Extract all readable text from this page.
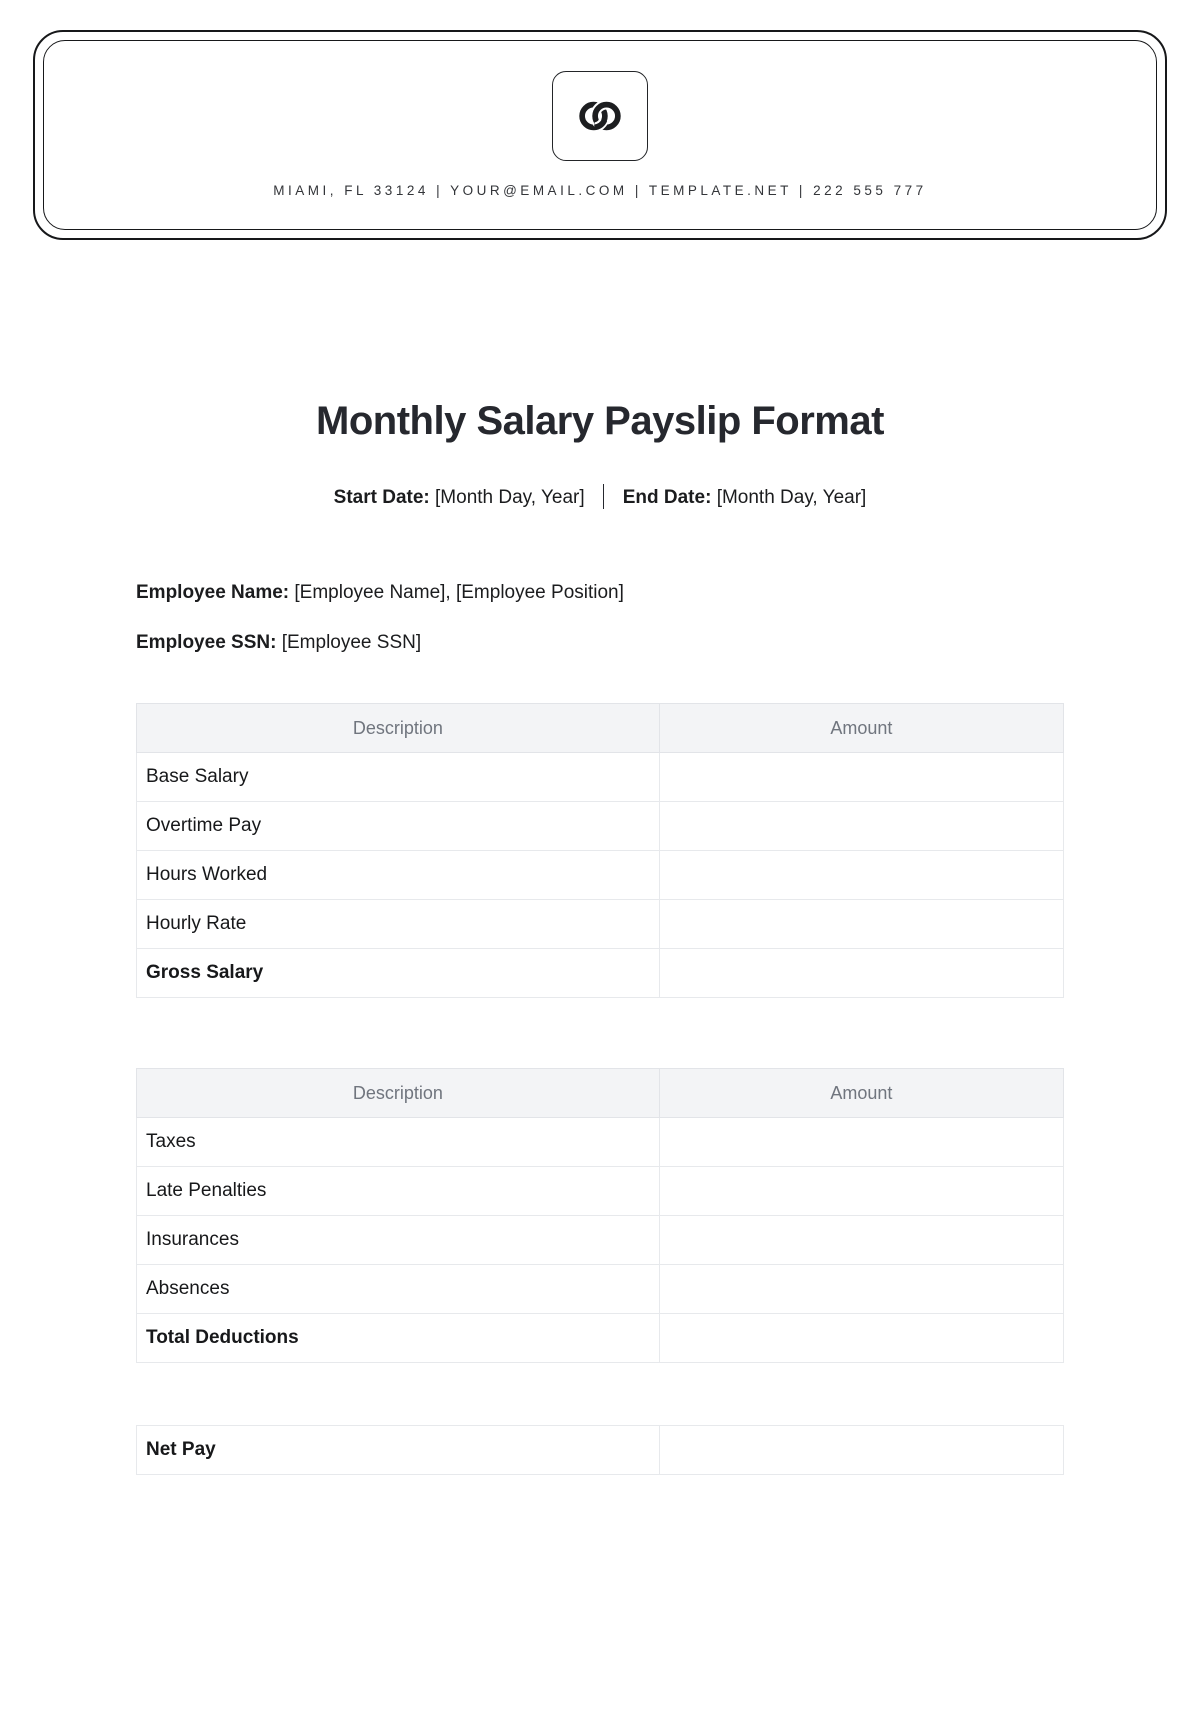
MIAMI, FL 33124 | YOUR@EMAIL.COM | TEMPLATE.NET | 222 555 777
Monthly Salary Payslip Format
Start Date: [Month Day, Year] End Date: [Month Day, Year]
Employee Name: [Employee Name], [Employee Position]
Employee SSN: [Employee SSN]
Description	Amount
Base Salary	
Overtime Pay	
Hours Worked	
Hourly Rate	
Gross Salary	
Description	Amount
Taxes	
Late Penalties	
Insurances	
Absences	
Total Deductions	
Net Pay	
